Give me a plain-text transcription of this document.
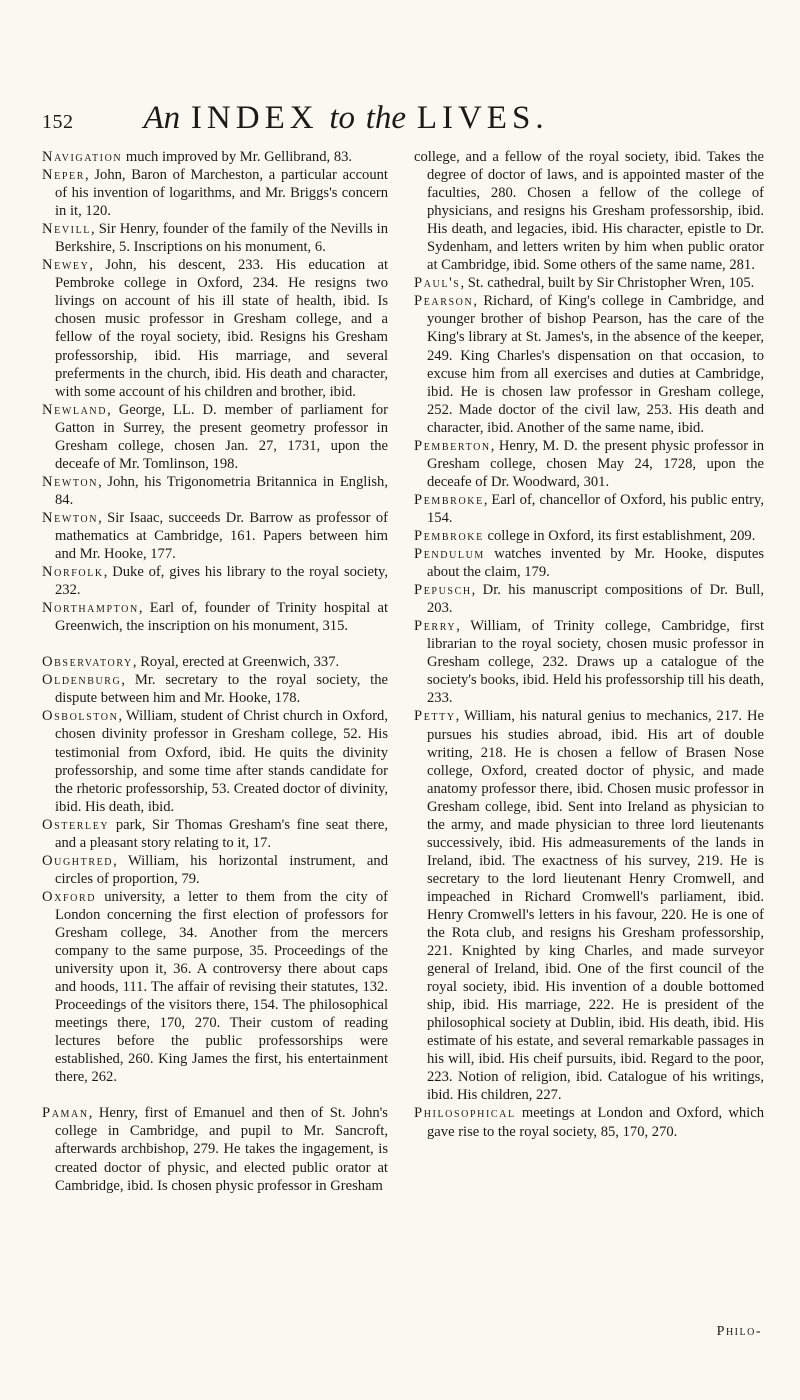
152 An INDEX to the LIVES.

Navigation much improved by Mr. Gellibrand, 83.

Neper, John, Baron of Marcheston, a particular account of his invention of logarithms, and Mr. Briggs's concern in it, 120.

Nevill, Sir Henry, founder of the family of the Nevills in Berkshire, 5. Inscriptions on his monument, 6.

Newey, John, his descent, 233. His education at Pembroke college in Oxford, 234. He resigns two livings on account of his ill state of health, ibid. Is chosen music professor in Gresham college, and a fellow of the royal society, ibid. Resigns his Gresham professorship, ibid. His marriage, and several preferments in the church, ibid. His death and character, with some account of his children and brother, ibid.

Newland, George, LL. D. member of parliament for Gatton in Surrey, the present geometry professor in Gresham college, chosen Jan. 27, 1731, upon the deceafe of Mr. Tomlinson, 198.

Newton, John, his Trigonometria Britannica in English, 84.

Newton, Sir Isaac, succeeds Dr. Barrow as professor of mathematics at Cambridge, 161. Papers between him and Mr. Hooke, 177.

Norfolk, Duke of, gives his library to the royal society, 232.

Northampton, Earl of, founder of Trinity hospital at Greenwich, the inscription on his monument, 315.

Observatory, Royal, erected at Greenwich, 337.

Oldenburg, Mr. secretary to the royal society, the dispute between him and Mr. Hooke, 178.

Osbolston, William, student of Christ church in Oxford, chosen divinity professor in Gresham college, 52. His testimonial from Oxford, ibid. He quits the divinity professorship, and some time after stands candidate for the rhetoric professorship, 53. Created doctor of divinity, ibid. His death, ibid.

Osterley park, Sir Thomas Gresham's fine seat there, and a pleasant story relating to it, 17.

Oughtred, William, his horizontal instrument, and circles of proportion, 79.

Oxford university, a letter to them from the city of London concerning the first election of professors for Gresham college, 34. Another from the mercers company to the same purpose, 35. Proceedings of the university upon it, 36. A controversy there about caps and hoods, 111. The affair of revising their statutes, 132. Proceedings of the visitors there, 154. The philosophical meetings there, 170, 270. Their custom of reading lectures before the public professorships were established, 260. King James the first, his entertainment there, 262.

Paman, Henry, first of Emanuel and then of St. John's college in Cambridge, and pupil to Mr. Sancroft, afterwards archbishop, 279. He takes the ingagement, is created doctor of physic, and elected public orator at Cambridge, ibid. Is chosen physic professor in Gresham

college, and a fellow of the royal society, ibid. Takes the degree of doctor of laws, and is appointed master of the faculties, 280. Chosen a fellow of the college of physicians, and resigns his Gresham professorship, ibid. His death, and legacies, ibid. His character, epistle to Dr. Sydenham, and letters writen by him when public orator at Cambridge, ibid. Some others of the same name, 281.

Paul's, St. cathedral, built by Sir Christopher Wren, 105.

Pearson, Richard, of King's college in Cambridge, and younger brother of bishop Pearson, has the care of the King's library at St. James's, in the absence of the keeper, 249. King Charles's dispensation on that occasion, to excuse him from all exercises and duties at Cambridge, ibid. He is chosen law professor in Gresham college, 252. Made doctor of the civil law, 253. His death and character, ibid. Another of the same name, ibid.

Pemberton, Henry, M. D. the present physic professor in Gresham college, chosen May 24, 1728, upon the deceafe of Dr. Woodward, 301.

Pembroke, Earl of, chancellor of Oxford, his public entry, 154.

Pembroke college in Oxford, its first establishment, 209.

Pendulum watches invented by Mr. Hooke, disputes about the claim, 179.

Pepusch, Dr. his manuscript compositions of Dr. Bull, 203.

Perry, William, of Trinity college, Cambridge, first librarian to the royal society, chosen music professor in Gresham college, 232. Draws up a catalogue of the society's books, ibid. Held his professorship till his death, 233.

Petty, William, his natural genius to mechanics, 217. He pursues his studies abroad, ibid. His art of double writing, 218. He is chosen a fellow of Brasen Nose college, Oxford, created doctor of physic, and made anatomy professor there, ibid. Chosen music professor in Gresham college, ibid. Sent into Ireland as physician to the army, and made physician to three lord lieutenants successively, ibid. His admeasurements of the lands in Ireland, ibid. The exactness of his survey, 219. He is secretary to the lord lieutenant Henry Cromwell, and impeached in Richard Cromwell's parliament, ibid. Henry Cromwell's letters in his favour, 220. He is one of the Rota club, and resigns his Gresham professorship, 221. Knighted by king Charles, and made surveyor general of Ireland, ibid. One of the first council of the royal society, ibid. His invention of a double bottomed ship, ibid. His marriage, 222. He is president of the philosophical society at Dublin, ibid. His death, ibid. His estimate of his estate, and several remarkable passages in his will, ibid. His cheif pursuits, ibid. Regard to the poor, 223. Notion of religion, ibid. Catalogue of his writings, ibid. His children, 227.

Philosophical meetings at London and Oxford, which gave rise to the royal society, 85, 170, 270.

Philo-
